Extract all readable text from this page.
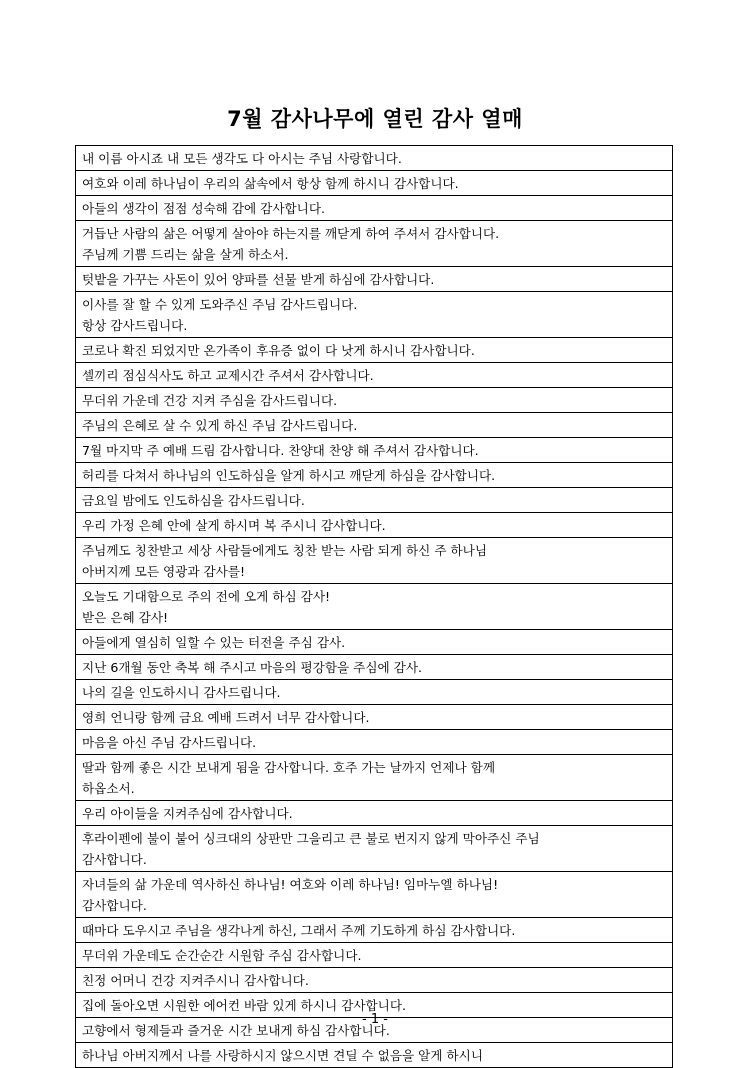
7월 감사나무에 열린 감사 열매
내 이름 아시죠 내 모든 생각도 다 아시는 주님 사랑합니다.
여호와 이레 하나님이 우리의 삶속에서 항상 함께 하시니 감사합니다.
아들의 생각이 점점 성숙해 감에 감사합니다.
거듭난 사람의 삶은 어떻게 살아야 하는지를 깨닫게 하여 주셔서 감사합니다.
주님께 기쁨 드리는 삶을 살게 하소서.
텃밭을 가꾸는 사돈이 있어 양파를 선물 받게 하심에 감사합니다.
이사를 잘 할 수 있게 도와주신 주님 감사드립니다.
항상 감사드립니다.
코로나 확진 되었지만 온가족이 후유증 없이 다 낫게 하시니 감사합니다.
셀끼리 점심식사도 하고 교제시간 주셔서 감사합니다.
무더위 가운데 건강 지켜 주심을 감사드립니다.
주님의 은혜로 살 수 있게 하신 주님 감사드립니다.
7월 마지막 주 예배 드림 감사합니다. 찬양대 찬양 해 주셔서 감사합니다.
허리를 다쳐서 하나님의 인도하심을 알게 하시고 깨닫게 하심을 감사합니다.
금요일 밤에도 인도하심을 감사드립니다.
우리 가정 은혜 안에 살게 하시며 복 주시니 감사합니다.
주님께도 칭찬받고 세상 사람들에게도 칭찬 받는 사람 되게 하신 주 하나님
아버지께 모든 영광과 감사를!
오늘도 기대함으로 주의 전에 오게 하심 감사!
받은 은혜 감사!
아들에게 열심히 일할 수 있는 터전을 주심 감사.
지난 6개월 동안 축복 해 주시고 마음의 평강함을 주심에 감사.
나의 길을 인도하시니 감사드립니다.
영희 언니랑 함께 금요 예배 드려서 너무 감사합니다.
마음을 아신 주님 감사드립니다.
딸과 함께 좋은 시간 보내게 됨을 감사합니다. 호주 가는 날까지 언제나 함께
하옵소서.
우리 아이들을 지켜주심에 감사합니다.
후라이펜에 불이 붙어 싱크대의 상판만 그을리고 큰 불로 번지지 않게 막아주신 주님
감사합니다.
자녀들의 삶 가운데 역사하신 하나님! 여호와 이레 하나님! 임마누엘 하나님!
감사합니다.
때마다 도우시고 주님을 생각나게 하신, 그래서 주께 기도하게 하심 감사합니다.
무더위 가운데도 순간순간 시원함 주심 감사합니다.
친정 어머니 건강 지켜주시니 감사합니다.
집에 돌아오면 시원한 에어컨 바람 있게 하시니 감사합니다.
고향에서 형제들과 즐거운 시간 보내게 하심 감사합니다.
하나님 아버지께서 나를 사랑하시지 않으시면 견딜 수 없음을 알게 하시니
- 1 -
